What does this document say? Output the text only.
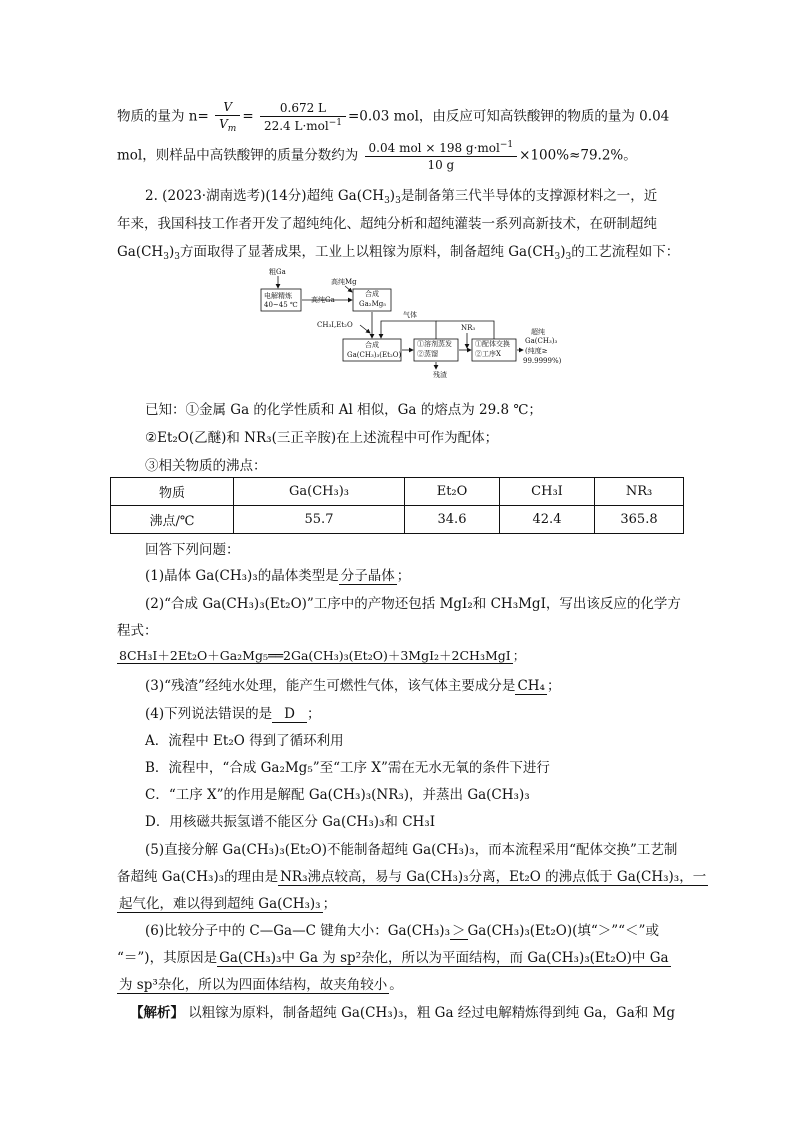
物质的量为 $n= \frac{V}{V_m} = \frac{0.672 L}{22.4 L\cdot mol^{-1}} =0.03$ mol，由反应可知高铁酸钾的物质的量为 0.04
mol，则样品中高铁酸钾的质量分数约为 $\frac{0.04 mol \times 198 g\cdot mol^{-1}}{10 g} \times 100\%\approx 79.2\%$。
2. (2023·湖南选考)(14分)超纯 $Ga(CH_3)_3$是制备第三代半导体的支撑源材料之一，近
年来，我国科技工作者开发了超纯纯化、超纯分析和超纯灌装一系列高新技术，在研制超纯
$Ga(CH_3)_3$方面取得了显著成果，工业上以粗镓为原料，制备超纯 $Ga(CH_3)_3$的工艺流程如下：
粗Ga
电解精炼
40~45 ℃
高纯Ga
高纯Mg
合成
Ga₂Mg₅
CH₃I,Et₂O
气体
合成
Ga(CH₃)₃(Et₂O)
①溶剂蒸发
②蒸馏
NR₃
①配体交换
②工序X
残渣
超纯
Ga(CH₃)₃
(纯度≥
99.9999%)
已知：①金属 Ga 的化学性质和 Al 相似，Ga 的熔点为 29.8 ℃；
②Et₂O(乙醚)和 NR₃(三正辛胺)在上述流程中可作为配体；
③相关物质的沸点：
物质	Ga(CH₃)₃	Et₂O	CH₃I	NR₃
沸点/℃	55.7	34.6	42.4	365.8
回答下列问题：
(1)晶体 Ga(CH₃)₃的晶体类型是 分子晶体 ；
(2)“合成 Ga(CH₃)₃(Et₂O)”工序中的产物还包括 MgI₂和 CH₃MgI，写出该反应的化学方
程式：
8CH₃I＋2Et₂O＋Ga₂Mg₅══2Ga(CH₃)₃(Et₂O)＋3MgI₂＋2CH₃MgI ；
(3)“残渣”经纯水处理，能产生可燃性气体，该气体主要成分是 CH₄ ；
(4)下列说法错误的是 D ；
A．流程中 Et₂O 得到了循环利用
B．流程中，“合成 Ga₂Mg₅”至“工序 X”需在无水无氧的条件下进行
C．“工序 X”的作用是解配 Ga(CH₃)₃(NR₃)，并蒸出 Ga(CH₃)₃
D．用核磁共振氢谱不能区分 Ga(CH₃)₃和 CH₃I
(5)直接分解 Ga(CH₃)₃(Et₂O)不能制备超纯 Ga(CH₃)₃，而本流程采用“配体交换”工艺制
备超纯 Ga(CH₃)₃的理由是 NR₃沸点较高，易与 Ga(CH₃)₃分离，Et₂O 的沸点低于 Ga(CH₃)₃，一
起气化，难以得到超纯 Ga(CH₃)₃ ；
(6)比较分子中的 C—Ga—C 键角大小：Ga(CH₃)₃ ＞ Ga(CH₃)₃(Et₂O)(填“＞”“＜”或
“＝”)，其原因是 Ga(CH₃)₃中 Ga 为 sp²杂化，所以为平面结构，而 Ga(CH₃)₃(Et₂O)中 Ga
为 sp³杂化，所以为四面体结构，故夹角较小 。
【解析】 以粗镓为原料，制备超纯 Ga(CH₃)₃，粗 Ga 经过电解精炼得到纯 Ga，Ga和 Mg
